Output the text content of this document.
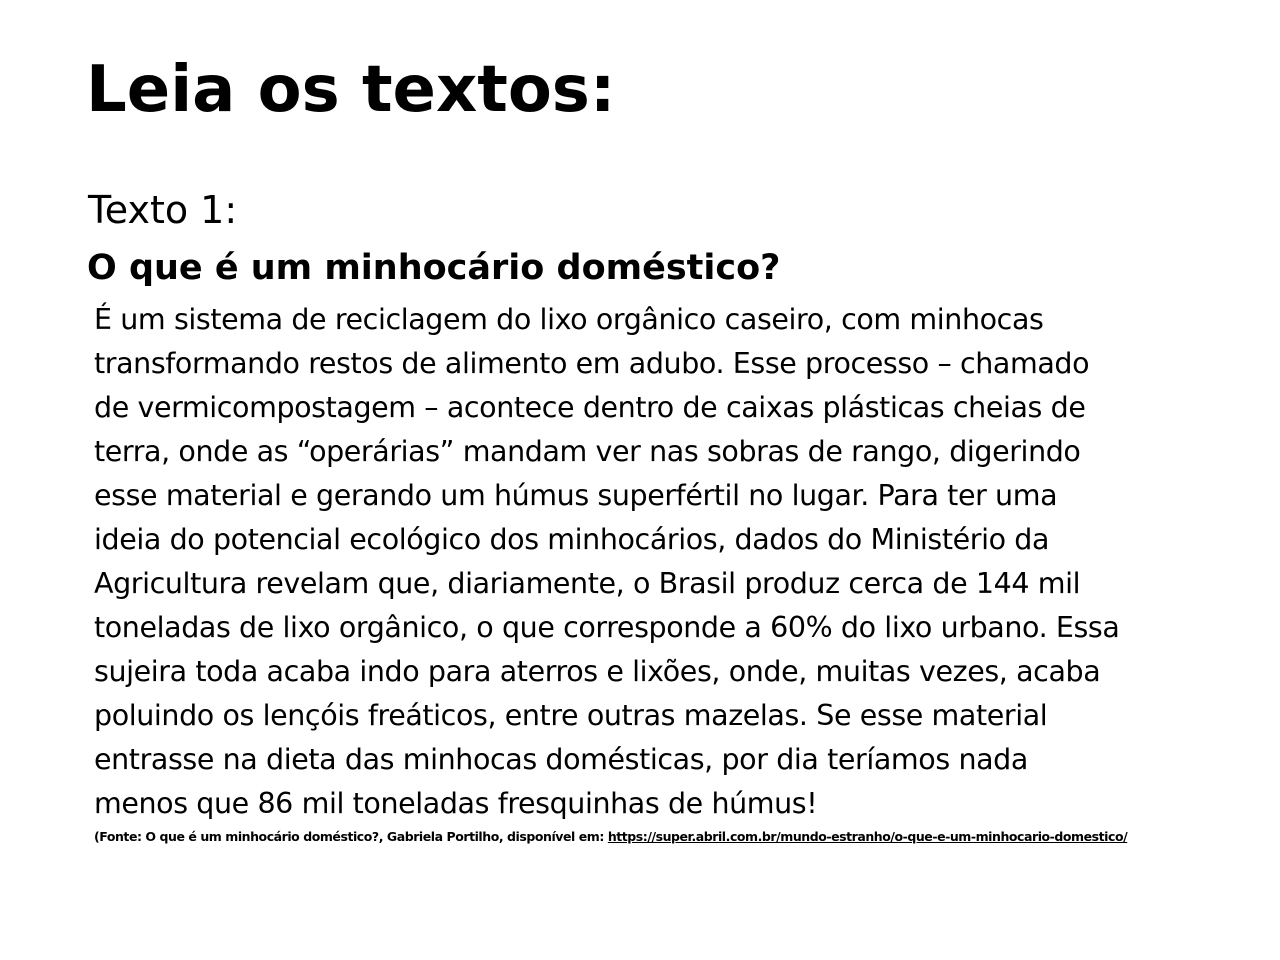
Leia os textos:
Texto 1:
O que é um minhocário doméstico?
É um sistema de reciclagem do lixo orgânico caseiro, com minhocas
transformando restos de alimento em adubo. Esse processo – chamado
de vermicompostagem – acontece dentro de caixas plásticas cheias de
terra, onde as “operárias” mandam ver nas sobras de rango, digerindo
esse material e gerando um húmus superfértil no lugar. Para ter uma
ideia do potencial ecológico dos minhocários, dados do Ministério da
Agricultura revelam que, diariamente, o Brasil produz cerca de 144 mil
toneladas de lixo orgânico, o que corresponde a 60% do lixo urbano. Essa
sujeira toda acaba indo para aterros e lixões, onde, muitas vezes, acaba
poluindo os lençóis freáticos, entre outras mazelas. Se esse material
entrasse na dieta das minhocas domésticas, por dia teríamos nada
menos que 86 mil toneladas fresquinhas de húmus!

(Fonte: O que é um minhocário doméstico?, Gabriela Portilho, disponível em: https://super.abril.com.br/mundo-estranho/o-que-e-um-minhocario-domestico/
